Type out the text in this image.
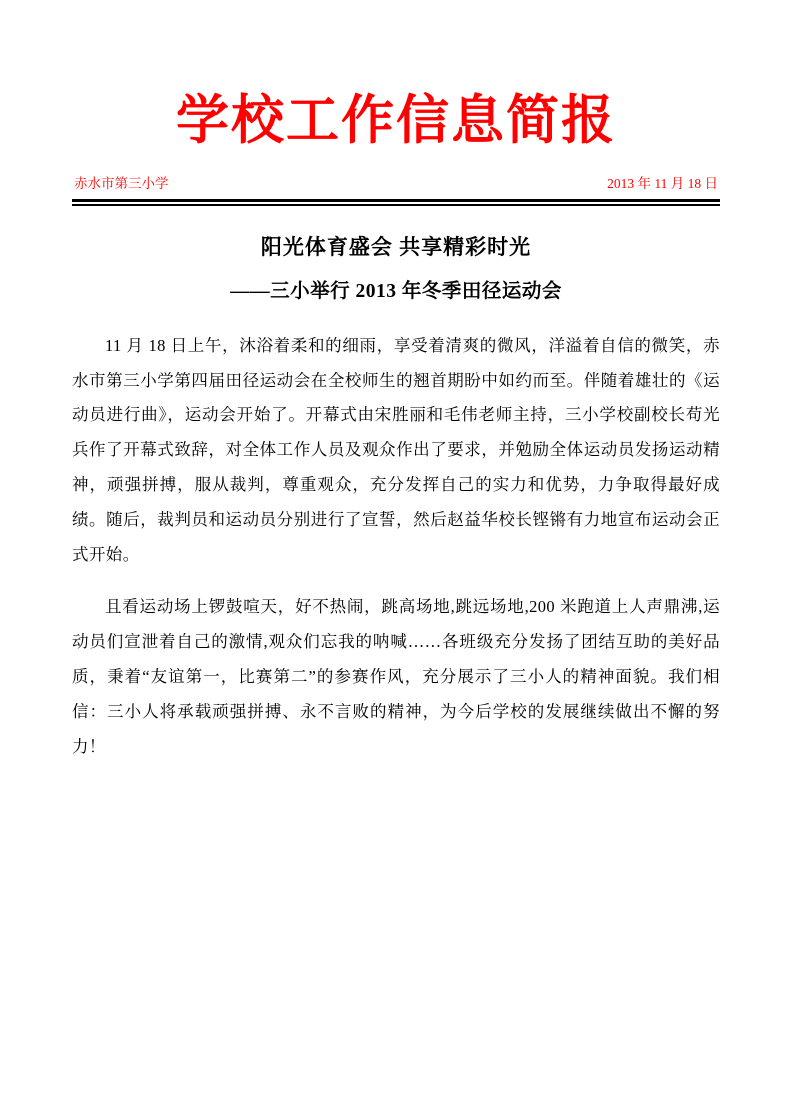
学校工作信息简报
赤水市第三小学	2013 年 11 月 18 日
阳光体育盛会 共享精彩时光
——三小举行 2013 年冬季田径运动会

11 月 18 日上午，沐浴着柔和的细雨，享受着清爽的微风，洋溢着自信的微笑，赤水市第三小学第四届田径运动会在全校师生的翘首期盼中如约而至。伴随着雄壮的《运动员进行曲》，运动会开始了。开幕式由宋胜丽和毛伟老师主持，三小学校副校长苟光兵作了开幕式致辞，对全体工作人员及观众作出了要求，并勉励全体运动员发扬运动精神，顽强拼搏，服从裁判，尊重观众，充分发挥自己的实力和优势，力争取得最好成绩。随后，裁判员和运动员分别进行了宣誓，然后赵益华校长铿锵有力地宣布运动会正式开始。

且看运动场上锣鼓喧天，好不热闹，跳高场地,跳远场地,200 米跑道上人声鼎沸,运动员们宣泄着自己的激情,观众们忘我的呐喊……各班级充分发扬了团结互助的美好品质，秉着“友谊第一，比赛第二”的参赛作风，充分展示了三小人的精神面貌。我们相信：三小人将承载顽强拼搏、永不言败的精神，为今后学校的发展继续做出不懈的努力！
